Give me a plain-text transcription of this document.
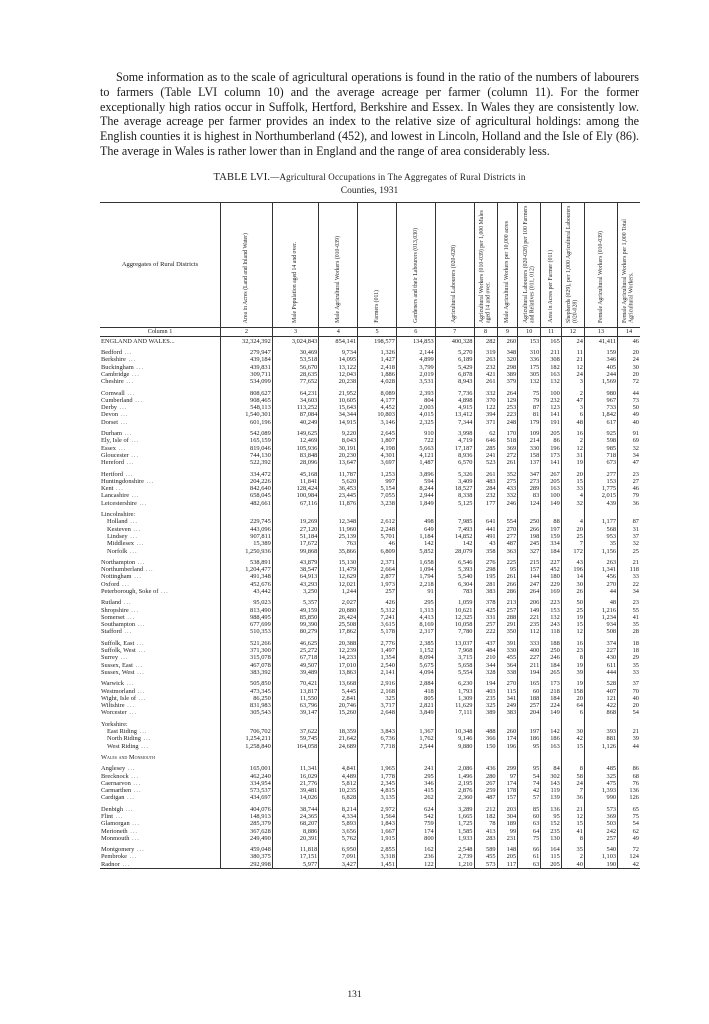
Some information as to the scale of agricultural operations is found in the ratio of the numbers of labourers to farmers (Table LVI column 10) and the average acreage per farmer (column 11). For the former exceptionally high ratios occur in Suffolk, Hertford, Berkshire and Essex. In Wales they are consistently low. The average acreage per farmer provides an index to the relative size of agricultural holdings: among the English counties it is highest in Northumberland (452), and lowest in Lincoln, Holland and the Isle of Ely (86). The average in Wales is rather lower than in England and the range of area considerably less.

TABLE LVI.—Agricultural Occupations in The Aggregates of Rural Districts in
Counties, 1931
Aggregates of Rural Districts	Area in Acres (Land and Inland Water)	Male Population aged 14 and over.	Male Agricultural Workers (010-039)	Farmers (011)	Gardeners and their Labourers (013,030)	Agricultural Labourers (020-028)	Agricultural Workers (010-039) per 1,000 Males aged 14 and over.	Male Agricultural Workers per 10,000 acres	Agricultural Labourers (020-028) per 100 Farmers and Relatives (011, 012)	Area in Acres per Farmer (011)	Shepherds (029), per 1,000 Agricultural Labourers (020-028)	Female Agricultural Workers (010-039)	Female Agricultural Workers per 1,000 Total Agricultural Workers.
Column 1	2	3	4	5	6	7	8	9	10	11	12	13	14
ENGLAND AND WALES...	32,324,392	3,024,843	854,141	198,577	134,853	400,328	282	260	153	165	24	41,411	46
Bedford ...	279,947	30,469	9,734	1,326	2,144	5,270	319	348	310	211	11	159	20
Berkshire ...	439,184	53,518	14,095	1,427	4,899	6,189	263	320	336	308	21	346	24
Buckingham ...	439,831	56,670	13,122	2,418	3,799	5,429	232	298	175	182	12	405	30
Cambridge ...	309,711	28,635	12,043	1,886	2,019	6,878	421	389	305	163	24	244	20
Cheshire ...	534,099	77,652	20,238	4,028	3,531	8,943	261	379	132	132	3	1,569	72
Cornwall ...	808,627	64,231	21,952	8,089	2,393	7,736	332	264	75	100	2	980	44
Cumberland ...	908,465	34,603	10,605	4,177	804	4,898	370	129	79	232	47	967	73
Derby ...	548,113	113,252	15,643	4,452	2,003	4,915	122	253	87	123	3	733	50
Devon ...	1,540,301	87,084	34,344	10,803	4,015	13,412	394	223	81	141	6	1,842	49
Dorset ...	601,196	40,249	14,915	3,146	2,325	7,344	371	248	179	191	48	617	40
Durham ...	542,089	149,625	9,220	2,645	910	3,998	62	170	109	205	16	925	91
Ely, Isle of ...	165,159	12,469	8,043	1,807	722	4,719	646	518	214	86	2	598	69
Essex ...	819,046	105,936	30,191	4,198	5,663	17,187	285	369	330	196	12	985	32
Gloucester ...	744,130	83,848	20,230	4,301	4,121	8,936	241	272	158	173	31	718	34
Hereford ...	522,392	28,096	13,647	3,697	1,487	6,570	523	261	137	141	19	673	47
Hertford ...	334,472	45,168	11,787	1,253	3,896	5,326	261	352	347	267	20	277	23
Huntingdonshire ...	204,226	11,841	5,620	997	594	3,409	483	275	273	205	15	153	27
Kent ...	842,640	128,424	36,453	5,154	8,244	18,527	284	433	289	163	33	1,775	46
Lancashire ...	658,045	100,984	23,445	7,055	2,944	8,338	232	332	83	100	4	2,015	79
Leicestershire ...	482,661	67,116	11,876	3,238	1,849	5,125	177	246	124	149	32	439	36
Lincolnshire:													
Holland ...	229,745	19,269	12,348	2,612	498	7,985	641	554	250	88	4	1,177	87
Kesteven ...	443,096	27,120	11,960	2,248	649	7,493	441	270	266	197	20	568	31
Lindsey ...	907,811	51,184	25,139	5,701	1,184	14,852	491	277	198	159	25	953	37
Middlesex ...	15,389	17,672	763	46	142	142	43	487	245	334	7	35	32
Norfolk ...	1,250,936	99,868	35,866	6,809	5,852	28,079	358	363	327	184	172	1,156	25
Northampton ...	538,891	43,879	15,130	2,371	1,658	6,546	276	225	215	227	43	263	21
Northumberland ...	1,204,477	38,547	11,479	2,664	1,094	5,393	298	95	157	452	196	1,341	118
Nottingham ...	491,348	64,913	12,629	2,877	1,794	5,540	195	261	144	180	14	456	33
Oxford ...	452,676	43,293	12,021	1,973	2,218	6,304	281	266	247	229	30	270	22
Peterborough, Soke of ...	43,442	3,250	1,244	257	91	783	383	286	264	169	26	44	34
Rutland ...	95,023	5,357	2,027	426	295	1,059	378	213	206	223	50	48	23
Shropshire ...	813,490	49,159	20,880	5,312	1,313	10,621	425	257	149	153	25	1,216	55
Somerset ...	988,495	85,850	26,424	7,241	4,413	12,325	331	288	221	132	19	1,234	41
Southampton ...	677,699	99,390	25,508	3,615	8,169	10,058	257	291	235	243	15	934	35
Stafford ...	510,353	80,279	17,862	5,178	2,317	7,780	222	350	112	118	12	508	28
Suffolk, East ...	521,266	46,625	20,388	2,776	2,385	13,037	437	391	333	188	16	374	18
Suffolk, West ...	371,300	25,272	12,239	1,497	1,152	7,968	484	330	400	250	23	227	18
Surrey ...	315,078	67,718	14,233	1,354	8,094	3,715	210	455	227	246	8	430	29
Sussex, East ...	467,078	49,507	17,010	2,540	5,675	5,658	344	364	211	184	19	611	35
Sussex, West ...	383,392	39,489	13,863	2,141	4,094	5,554	328	338	194	265	39	444	33
Warwick ...	505,850	70,421	13,668	2,916	2,884	6,230	194	270	165	173	19	528	37
Westmorland ...	473,345	13,817	5,445	2,168	418	1,793	403	115	60	218	158	407	70
Wight, Isle of ...	86,250	11,550	2,841	325	805	1,309	235	341	188	184	20	121	40
Wiltshire ...	831,983	63,796	20,746	3,717	2,821	11,629	325	249	257	224	64	422	20
Worcester ...	305,543	39,147	15,260	2,648	3,849	7,111	389	383	204	149	6	868	54
Yorkshire:													
East Riding ...	706,702	37,622	18,359	3,843	1,367	10,348	488	260	197	142	30	393	21
North Riding ...	1,254,211	59,745	21,642	6,736	1,762	9,146	366	174	186	186	42	881	39
West Riding ...	1,258,840	164,058	24,689	7,718	2,544	9,880	150	196	95	163	15	1,126	44
Wales and Monmouth													
Anglesey ...	165,001	11,341	4,841	1,965	241	2,086	436	299	95	84	8	485	86
Brecknock ...	462,240	16,029	4,489	1,778	295	1,496	280	97	54	302	58	325	68
Caernarvon ...	334,954	21,776	5,812	2,345	346	2,195	267	174	74	143	24	475	76
Carmarthen ...	573,537	39,481	10,235	4,815	415	2,876	259	178	42	119	7	1,393	136
Cardigan ...	434,697	14,026	6,828	3,135	262	2,360	487	157	57	139	36	990	126
Denbigh ...	404,076	38,744	8,214	2,972	624	3,289	212	203	85	136	21	573	65
Flint ...	148,913	24,365	4,334	1,564	542	1,665	182	304	60	95	12	369	75
Glamorgan ...	285,379	68,207	5,893	1,843	759	1,725	78	189	63	152	15	503	54
Merioneth ...	367,628	8,886	3,656	1,667	174	1,585	413	99	64	235	41	242	62
Monmouth ...	249,490	20,391	5,762	1,915	800	1,933	283	231	75	130	8	257	49
Montgomery ...	459,048	11,818	6,950	2,855	162	2,548	589	148	66	164	35	540	72
Pembroke ...	380,375	17,151	7,091	3,318	236	2,739	455	205	61	115	2	1,103	124
Radnor ...	292,998	5,977	3,427	1,451	122	1,210	573	117	63	205	40	190	42
131
